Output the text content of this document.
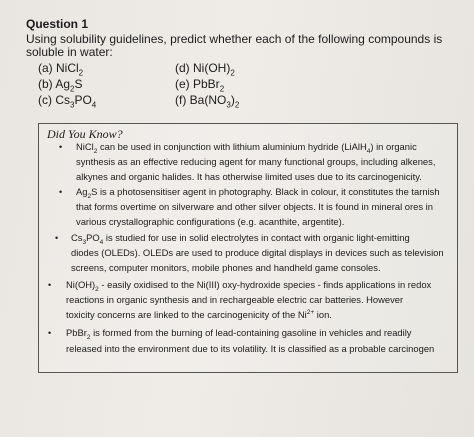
Question 1

Using solubility guidelines, predict whether each of the following compounds is soluble in water:

(a) NiCl$_2$
(b) $Ag_2S$
(c) $Cs_3PO_4$
(d) $Ni(OH)_2$
(e) PbBr$_2$
(f) $Ba(NO_3)_2$
Did You Know?
• NiCl$_2$ can be used in conjunction with lithium aluminium hydride (LiAlH$_4$) in organic
synthesis as an effective reducing agent for many functional groups, including alkenes,
alkynes and organic halides. It has otherwise limited uses due to its carcinogenicity.
• $Ag_2S$ is a photosensitiser agent in photography. Black in colour, it constitutes the tarnish
that forms overtime on silverware and other silver objects. It is found in mineral ores in
various crystallographic configurations (e.g. acanthite, argentite).
• $Cs_3PO_4$ is studied for use in solid electrolytes in contact with organic light-emitting
diodes (OLEDs). OLEDs are used to produce digital displays in devices such as television
screens, computer monitors, mobile phones and handheld game consoles.
• $Ni(OH)_2$ - easily oxidised to the Ni(III) oxy-hydroxide species - finds applications in redox
reactions in organic synthesis and in rechargeable electric car batteries. However
toxicity concerns are linked to the carcinogenicity of the $Ni^{2+}$ ion.
• PbBr$_2$ is formed from the burning of lead-containing gasoline in vehicles and readily
released into the environment due to its volatility. It is classified as a probable carcinogen
